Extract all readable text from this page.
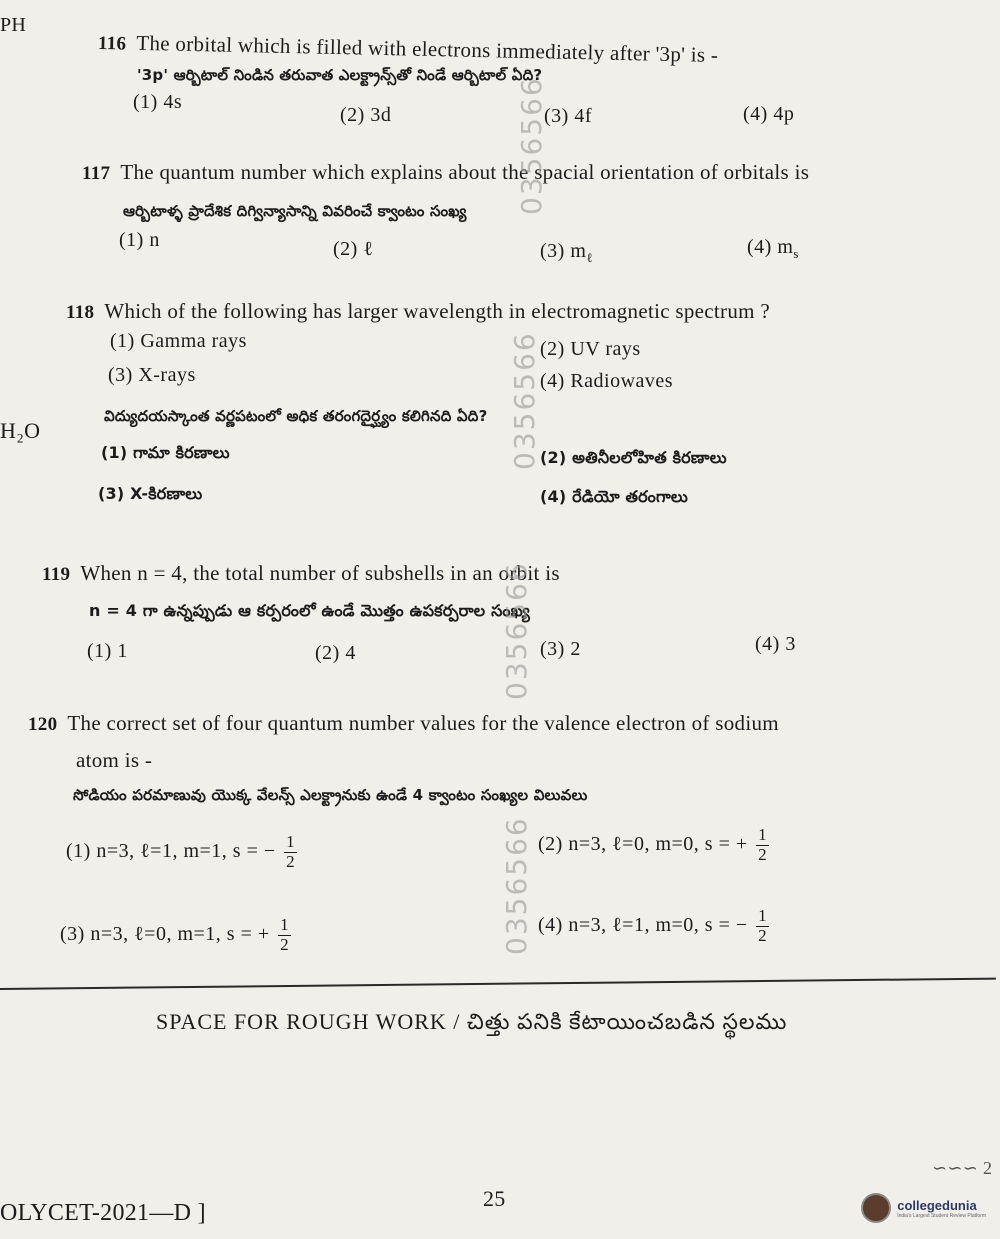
PH
H₂O
116 The orbital which is filled with electrons immediately after '3p' is -
'3p' ఆర్బిటాల్ నిండిన తరువాత ఎలక్ట్రాన్స్‌తో నిండే ఆర్బిటాల్ ఏది?
(1) 4s
(2) 3d	(3) 4f	(4) 4p
117 The quantum number which explains about the spacial orientation of orbitals is
ఆర్బిటాళ్ళ ప్రాదేశిక దిగ్విన్యాసాన్ని వివరించే క్వాంటం సంఖ్య
(1) n	(2) ℓ	(3) $m_\ell$	(4) $m_s$
118 Which of the following has larger wavelength in electromagnetic spectrum ?
(1) Gamma rays	(2) UV rays
(3) X-rays	(4) Radiowaves
విద్యుదయస్కాంత వర్ణపటంలో అధిక తరంగదైర్ఘ్యం కలిగినది ఏది?
(1) గామా కిరణాలు	(2) అతినీలలోహిత కిరణాలు
(3) X-కిరణాలు	(4) రేడియో తరంగాలు
119 When n = 4, the total number of subshells in an orbit is
n = 4 గా ఉన్నప్పుడు ఆ కర్పరంలో ఉండే మొత్తం ఉపకర్పరాల సంఖ్య
(1) 1	(2) 4	(3) 2	(4) 3
120 The correct set of four quantum number values for the valence electron of sodium
atom is -
సోడియం పరమాణువు యొక్క వేలన్స్ ఎలక్ట్రానుకు ఉండే 4 క్వాంటం సంఖ్యల విలువలు
(1) n=3, ℓ=1, m=1, s = − $\frac{1}{2}$	(2) n=3, ℓ=0, m=0, s = + $\frac{1}{2}$
(3) n=3, ℓ=0, m=1, s = + $\frac{1}{2}$	(4) n=3, ℓ=1, m=0, s = − $\frac{1}{2}$
0356566
0356566
0356566
0356566
SPACE FOR ROUGH WORK / చిత్తు పనికి కేటాయించబడిన స్థలము
OLYCET-2021—D ]
25
∽∽∽ 2
collegedunia
India's Largest Student Review Platform
